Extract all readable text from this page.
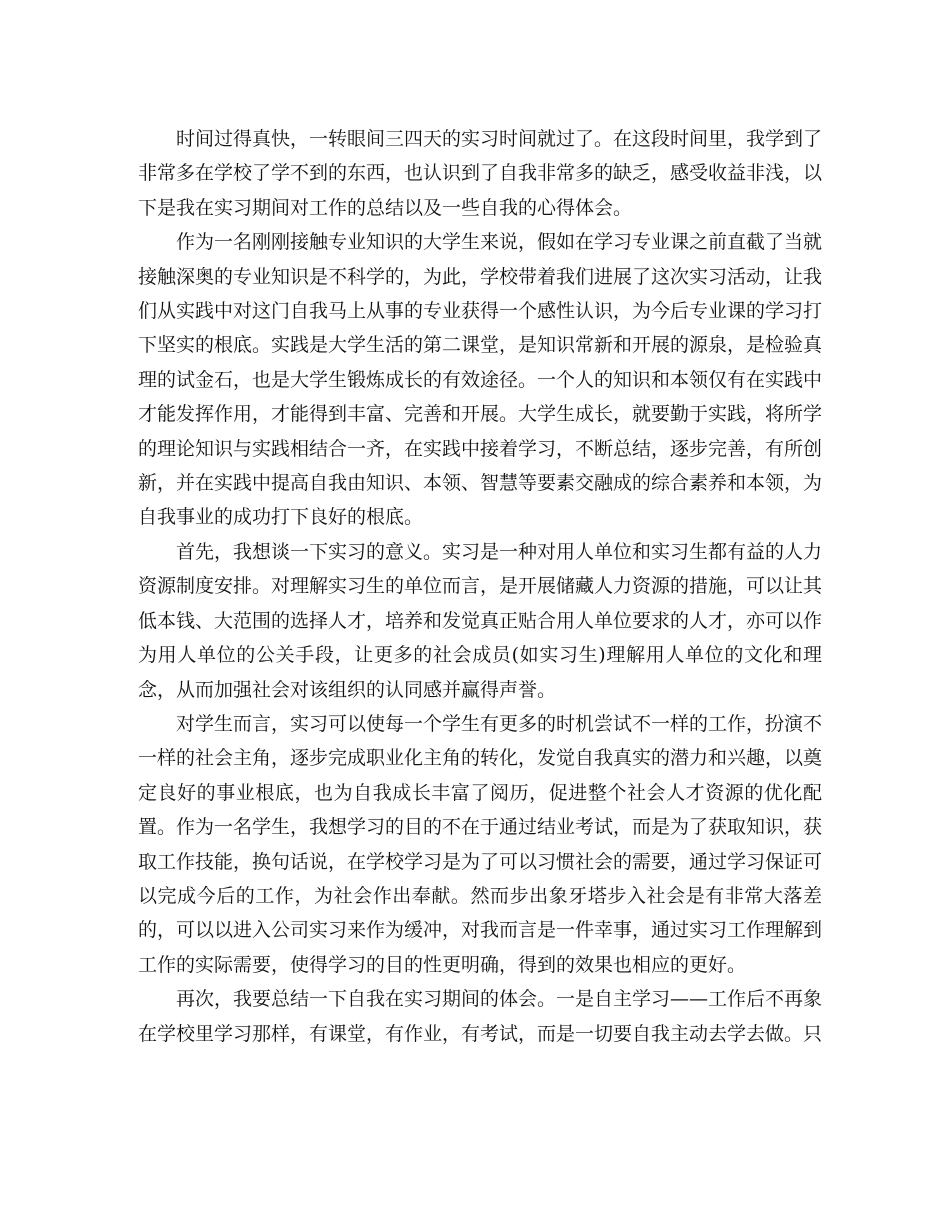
时间过得真快，一转眼间三四天的实习时间就过了。在这段时间里，我学到了非常多在学校了学不到的东西，也认识到了自我非常多的缺乏，感受收益非浅，以下是我在实习期间对工作的总结以及一些自我的心得体会。

作为一名刚刚接触专业知识的大学生来说，假如在学习专业课之前直截了当就接触深奥的专业知识是不科学的，为此，学校带着我们进展了这次实习活动，让我们从实践中对这门自我马上从事的专业获得一个感性认识，为今后专业课的学习打下坚实的根底。实践是大学生活的第二课堂，是知识常新和开展的源泉，是检验真理的试金石，也是大学生锻炼成长的有效途径。一个人的知识和本领仅有在实践中才能发挥作用，才能得到丰富、完善和开展。大学生成长，就要勤于实践，将所学的理论知识与实践相结合一齐，在实践中接着学习，不断总结，逐步完善，有所创新，并在实践中提高自我由知识、本领、智慧等要素交融成的综合素养和本领，为自我事业的成功打下良好的根底。

首先，我想谈一下实习的意义。实习是一种对用人单位和实习生都有益的人力资源制度安排。对理解实习生的单位而言，是开展储藏人力资源的措施，可以让其低本钱、大范围的选择人才，培养和发觉真正贴合用人单位要求的人才，亦可以作为用人单位的公关手段，让更多的社会成员(如实习生)理解用人单位的文化和理念，从而加强社会对该组织的认同感并赢得声誉。

对学生而言，实习可以使每一个学生有更多的时机尝试不一样的工作，扮演不一样的社会主角，逐步完成职业化主角的转化，发觉自我真实的潜力和兴趣，以奠定良好的事业根底，也为自我成长丰富了阅历，促进整个社会人才资源的优化配置。作为一名学生，我想学习的目的不在于通过结业考试，而是为了获取知识，获取工作技能，换句话说，在学校学习是为了可以习惯社会的需要，通过学习保证可以完成今后的工作，为社会作出奉献。然而步出象牙塔步入社会是有非常大落差的，可以以进入公司实习来作为缓冲，对我而言是一件幸事，通过实习工作理解到工作的实际需要，使得学习的目的性更明确，得到的效果也相应的更好。

再次，我要总结一下自我在实习期间的体会。一是自主学习——工作后不再象在学校里学习那样，有课堂，有作业，有考试，而是一切要自我主动去学去做。只
